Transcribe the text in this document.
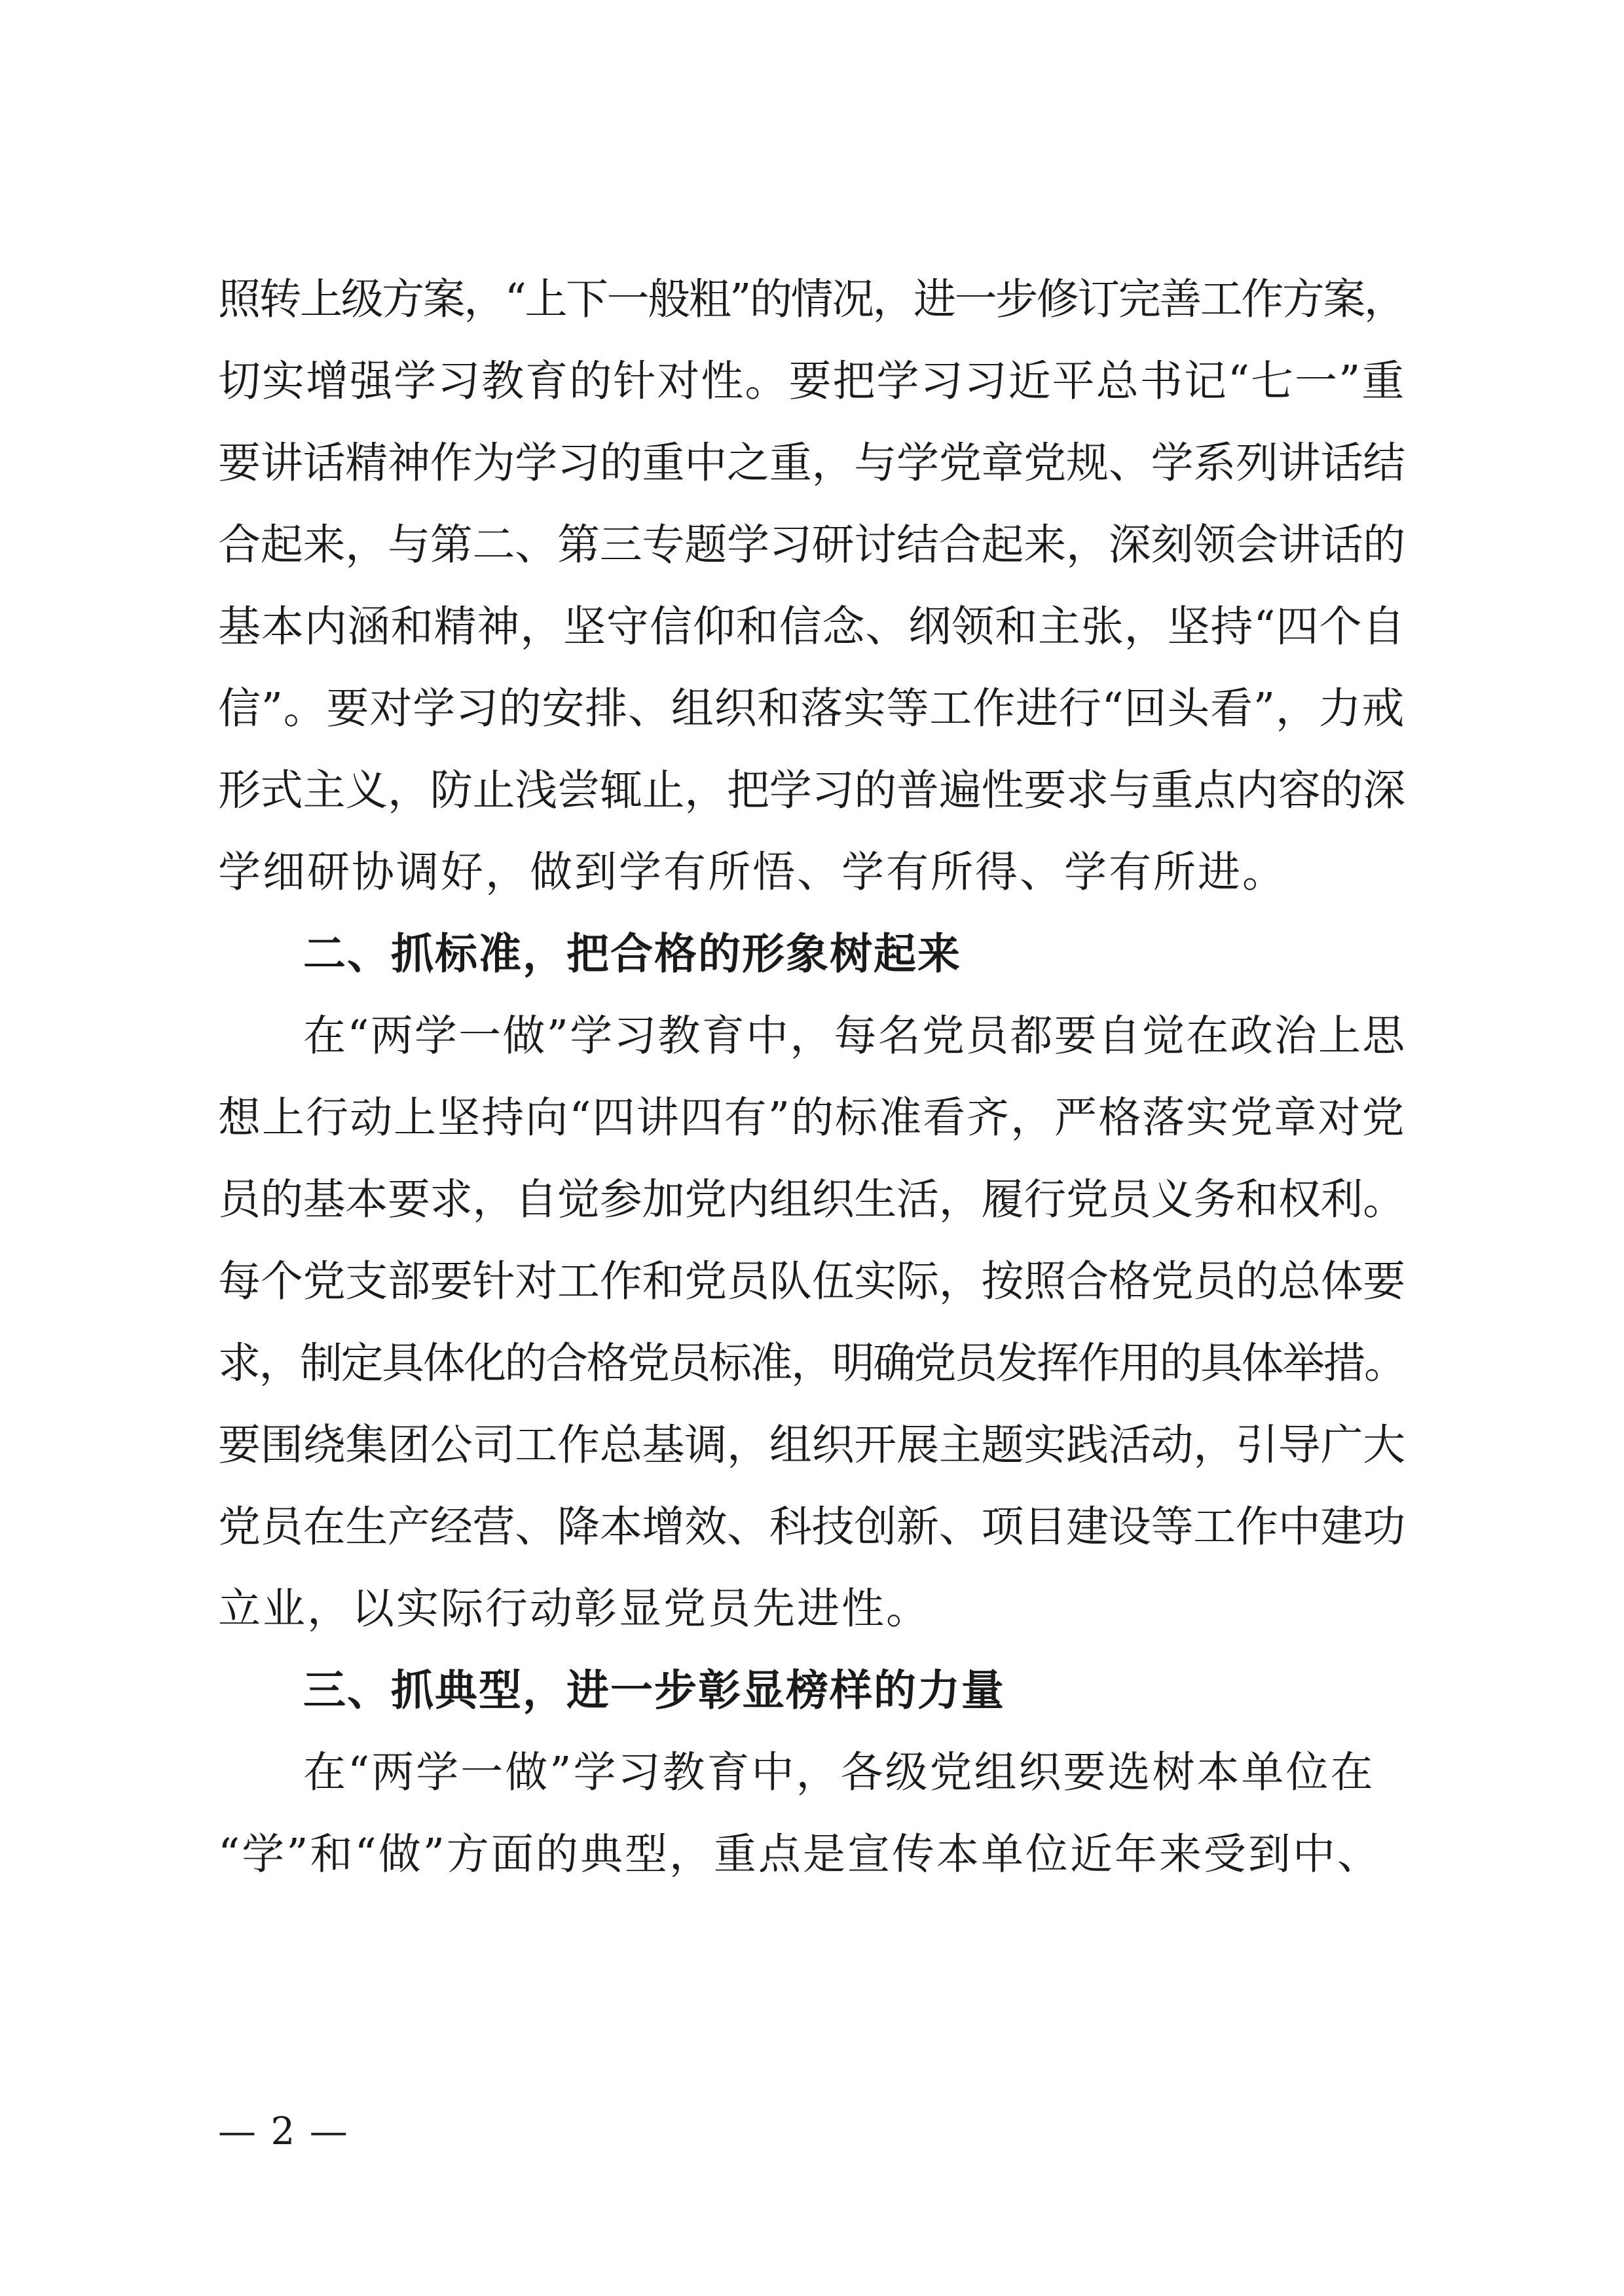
照转上级方案，“上下一般粗”的情况，进一步修订完善工作方案，
切实增强学习教育的针对性。要把学习习近平总书记“七一”重
要讲话精神作为学习的重中之重，与学党章党规、学系列讲话结
合起来，与第二、第三专题学习研讨结合起来，深刻领会讲话的
基本内涵和精神，坚守信仰和信念、纲领和主张，坚持“四个自
信”。要对学习的安排、组织和落实等工作进行“回头看”，力戒
形式主义，防止浅尝辄止，把学习的普遍性要求与重点内容的深
学细研协调好，做到学有所悟、学有所得、学有所进。
二、抓标准，把合格的形象树起来
在“两学一做”学习教育中，每名党员都要自觉在政治上思
想上行动上坚持向“四讲四有”的标准看齐，严格落实党章对党
员的基本要求，自觉参加党内组织生活，履行党员义务和权利。
每个党支部要针对工作和党员队伍实际，按照合格党员的总体要
求，制定具体化的合格党员标准，明确党员发挥作用的具体举措。
要围绕集团公司工作总基调，组织开展主题实践活动，引导广大
党员在生产经营、降本增效、科技创新、项目建设等工作中建功
立业，以实际行动彰显党员先进性。
三、抓典型，进一步彰显榜样的力量
在“两学一做”学习教育中，各级党组织要选树本单位在
“学”和“做”方面的典型，重点是宣传本单位近年来受到中、
— 2 —
